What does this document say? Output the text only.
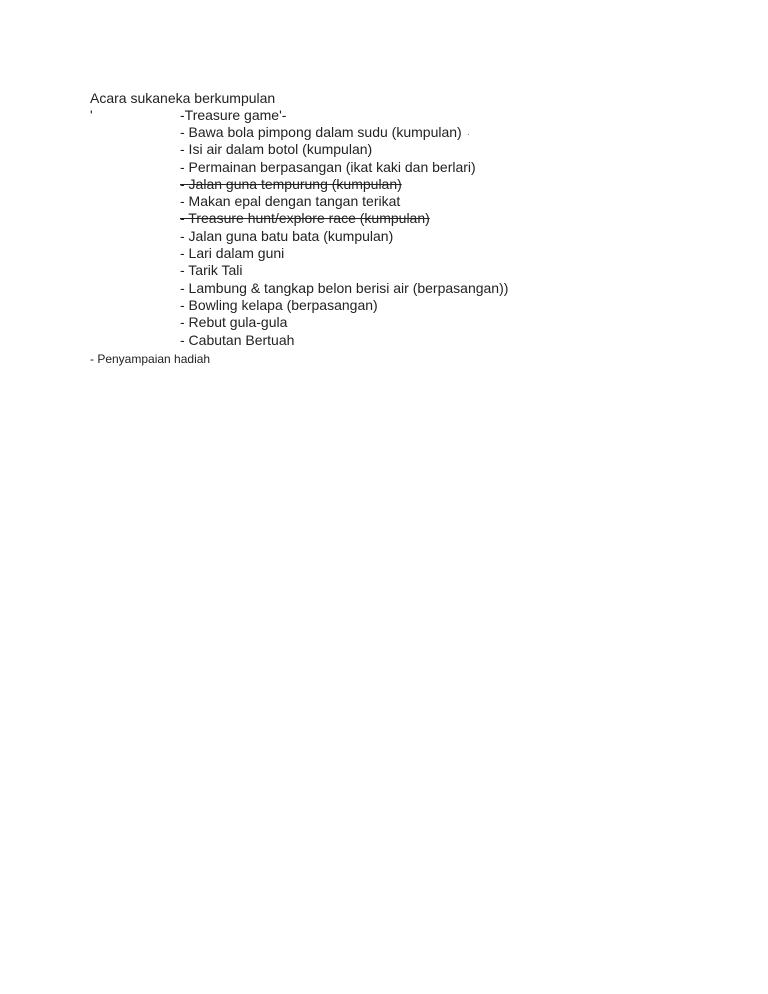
Acara sukaneka berkumpulan
'	-Treasure game'-
- Bawa bola pimpong dalam sudu (kumpulan) ·
- Isi air dalam botol (kumpulan)
- Permainan berpasangan (ikat kaki dan berlari)
- Jalan guna tempurung (kumpulan)
- Makan epal dengan tangan terikat
- Treasure hunt/explore race (kumpulan)
- Jalan guna batu bata (kumpulan)
- Lari dalam guni
- Tarik Tali
- Lambung & tangkap belon berisi air (berpasangan))
- Bowling kelapa (berpasangan)
- Rebut gula-gula
- Cabutan Bertuah
- Penyampaian hadiah
